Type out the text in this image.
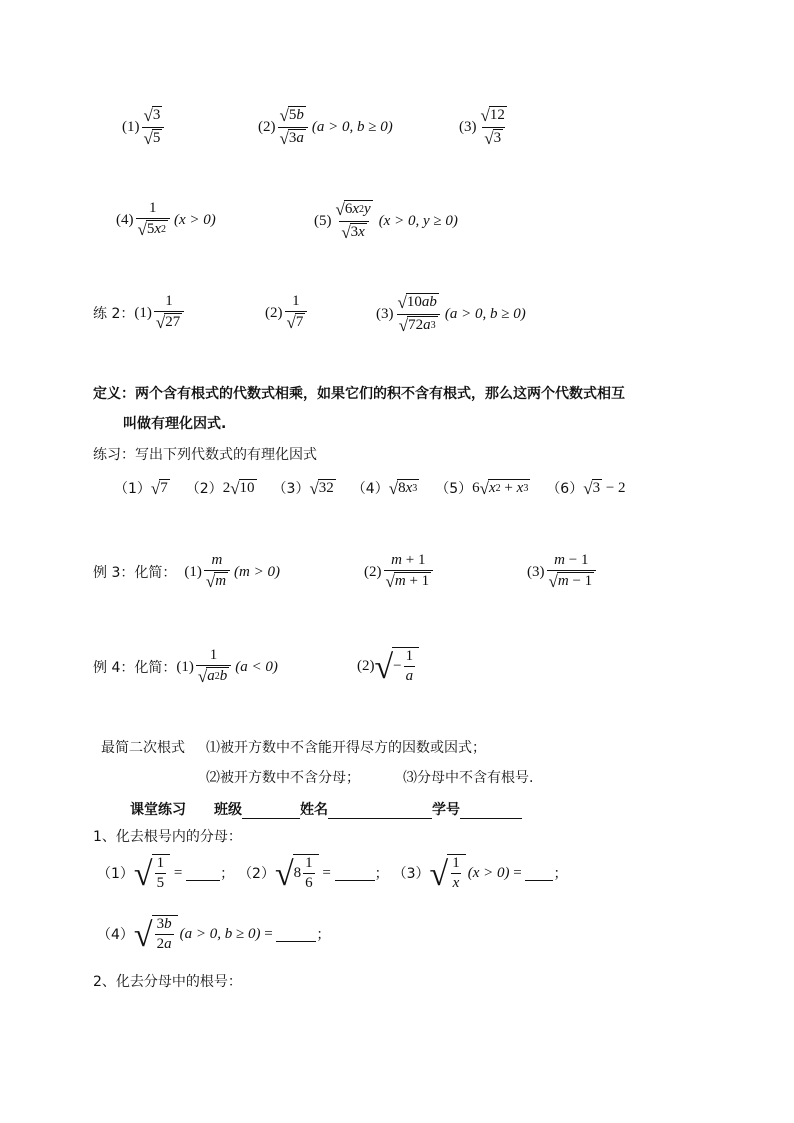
$(1) \frac{√ 3}{√ 5}$	$(2) \frac{√ 5 b}{√ 3 a} (a > 0$, b ≥ 0)	$(3) \frac{√ 12}{√ 3}$
$(4) \frac{1}{√ 5 x 2} (x > 0)$	$(5) \frac{√ 6 x 2 y}{√ 3 x} (x > 0$, y ≥ 0)
练 2： $(1) \frac{1}{√ 27}$	$(2) \frac{1}{√ 7}$	$(3) \frac{√ 10 ab}{√ 72 a 3} (a > 0$, b ≥ 0)
定义：两个含有根式的代数式相乘，如果它们的积不含有根式，那么这两个代数式相互
叫做有理化因式.
练习：写出下列代数式的有理化因式
（1） √ 7 （2） 2 √ 10 （3） √ 32 （4） √ 8 x 3 （5） 6 √ x 2 + x 3 （6） √ 3 − 2
例 3：化简： $(1) \frac{m}{√ m} (m > 0)$	$(2) \frac{m + 1}{√ m + 1}$	$(3) \frac{m - 1}{√ m - 1}$
例 4：化简： $(1) \frac{1}{√ a 2 b} (a < 0)$	(2) √ − $\frac{1}{a}$
最简二次根式 ⑴被开方数中不含能开得尽方的因数或因式；
⑵被开方数中不含分母；	⑶分母中不含有根号.
课堂练习 班级	姓名	学号
1、化去根号内的分母：
（1） √ $\frac{1}{5}$ =	； （2） √ $8 \frac{1}{6}$ =	； （3） √ $\frac{1}{x} (x > 0)$ =	；
（4） √ $\frac{3b}{2a} (a > 0$, b ≥ 0) =	；
2、化去分母中的根号：
